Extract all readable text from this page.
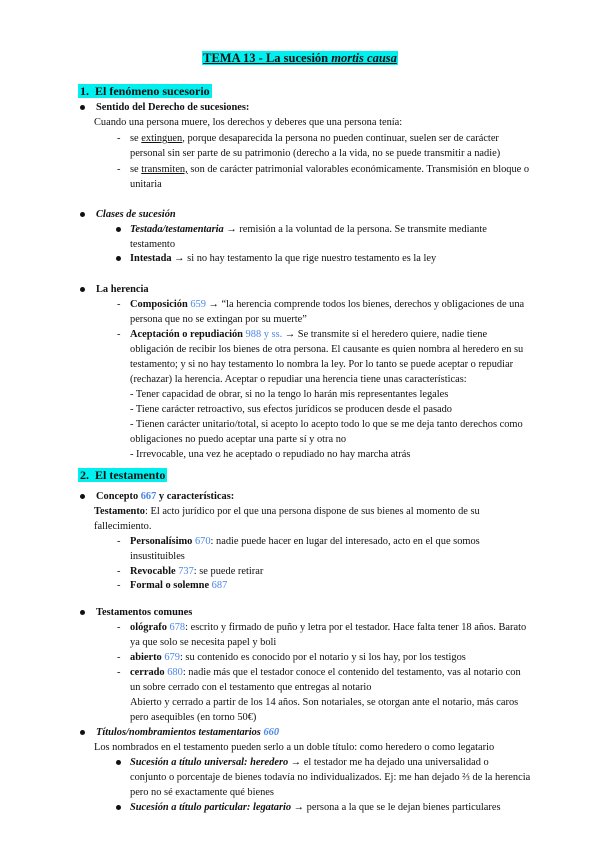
TEMA 13 - La sucesión mortis causa
1. El fenómeno sucesorio
Sentido del Derecho de sucesiones:
Cuando una persona muere, los derechos y deberes que una persona tenía:
- se extinguen, porque desaparecida la persona no pueden continuar, suelen ser de carácter
personal sin ser parte de su patrimonio (derecho a la vida, no se puede transmitir a nadie)
- se transmiten, son de carácter patrimonial valorables económicamente. Transmisión en bloque o
unitaria
Clases de sucesión
Testada/testamentaria → remisión a la voluntad de la persona. Se transmite mediante
testamento
Intestada → si no hay testamento la que rige nuestro testamento es la ley
La herencia
- Composición 659 → “la herencia comprende todos los bienes, derechos y obligaciones de una
persona que no se extingan por su muerte”
- Aceptación o repudiación 988 y ss. → Se transmite si el heredero quiere, nadie tiene
obligación de recibir los bienes de otra persona. El causante es quien nombra al heredero en su
testamento; y si no hay testamento lo nombra la ley. Por lo tanto se puede aceptar o repudiar
(rechazar) la herencia. Aceptar o repudiar una herencia tiene unas características:
- Tener capacidad de obrar, si no la tengo lo harán mis representantes legales
- Tiene carácter retroactivo, sus efectos jurídicos se producen desde el pasado
- Tienen carácter unitario/total, si acepto lo acepto todo lo que se me deja tanto derechos como
obligaciones no puedo aceptar una parte sí y otra no
- Irrevocable, una vez he aceptado o repudiado no hay marcha atrás
2. El testamento
Concepto 667 y características:
Testamento: El acto jurídico por el que una persona dispone de sus bienes al momento de su
fallecimiento.
- Personalísimo 670: nadie puede hacer en lugar del interesado, acto en el que somos
insustituibles
- Revocable 737: se puede retirar
- Formal o solemne 687
Testamentos comunes
- ológrafo 678: escrito y firmado de puño y letra por el testador. Hace falta tener 18 años. Barato
ya que solo se necesita papel y boli
- abierto 679: su contenido es conocido por el notario y si los hay, por los testigos
- cerrado 680: nadie más que el testador conoce el contenido del testamento, vas al notario con
un sobre cerrado con el testamento que entregas al notario
Abierto y cerrado a partir de los 14 años. Son notariales, se otorgan ante el notario, más caros
pero asequibles (en torno 50€)
Títulos/nombramientos testamentarios 660
Los nombrados en el testamento pueden serlo a un doble título: como heredero o como legatario
Sucesión a título universal: heredero → el testador me ha dejado una universalidad o
conjunto o porcentaje de bienes todavía no individualizados. Ej: me han dejado ⅔ de la herencia
pero no sé exactamente qué bienes
Sucesión a título particular: legatario → persona a la que se le dejan bienes particulares
